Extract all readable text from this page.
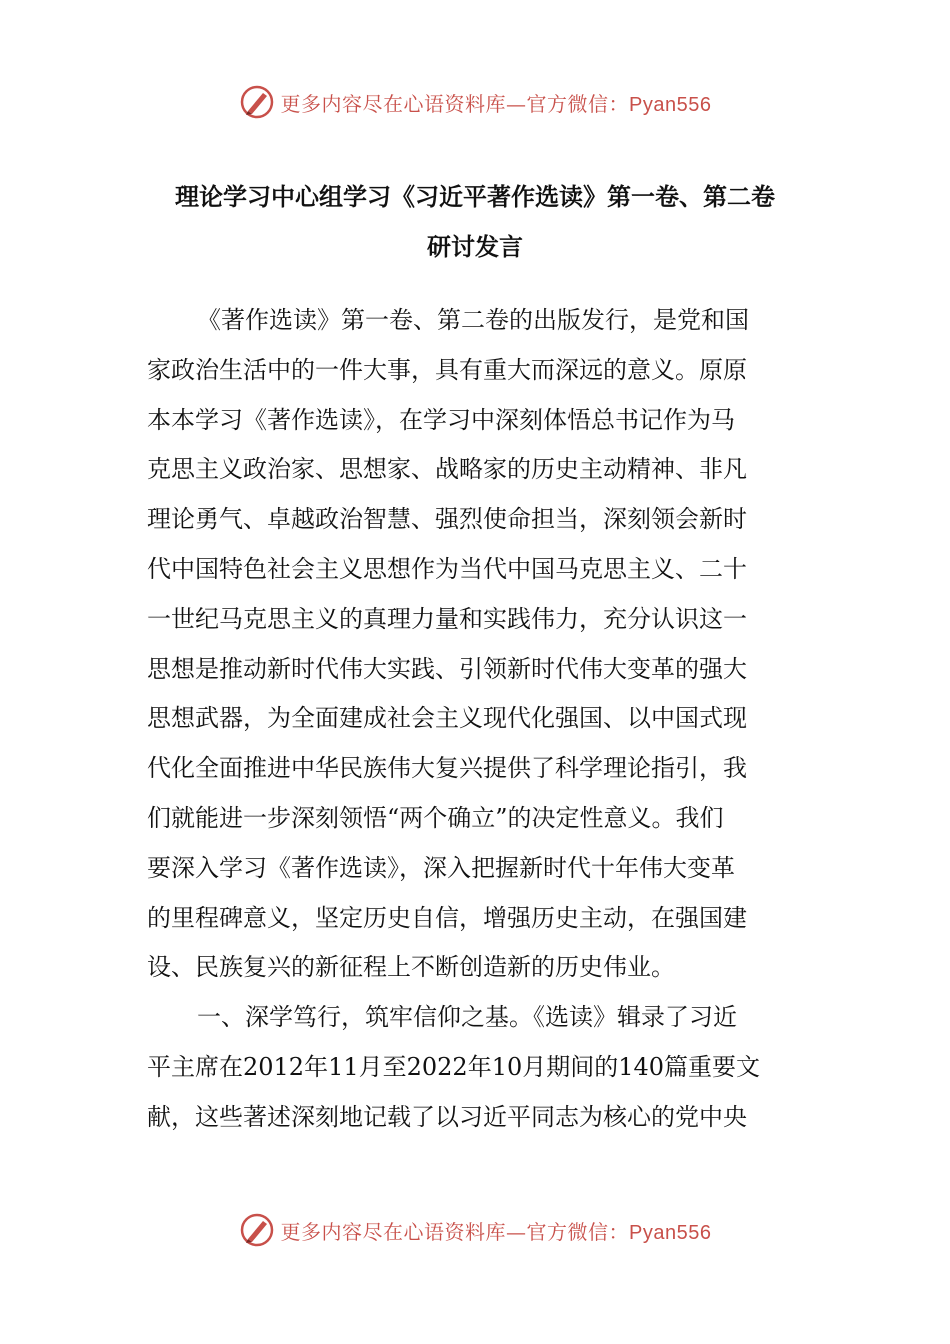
更多内容尽在心语资料库—官方微信：Pyan556
理论学习中心组学习《习近平著作选读》第一卷、第二卷
研讨发言
《著作选读》第一卷、第二卷的出版发行，是党和国
家政治生活中的一件大事，具有重大而深远的意义。原原
本本学习《著作选读》，在学习中深刻体悟总书记作为马
克思主义政治家、思想家、战略家的历史主动精神、非凡
理论勇气、卓越政治智慧、强烈使命担当，深刻领会新时
代中国特色社会主义思想作为当代中国马克思主义、二十
一世纪马克思主义的真理力量和实践伟力，充分认识这一
思想是推动新时代伟大实践、引领新时代伟大变革的强大
思想武器，为全面建成社会主义现代化强国、以中国式现
代化全面推进中华民族伟大复兴提供了科学理论指引，我
们就能进一步深刻领悟“两个确立”的决定性意义。我们
要深入学习《著作选读》，深入把握新时代十年伟大变革
的里程碑意义，坚定历史自信，增强历史主动，在强国建
设、民族复兴的新征程上不断创造新的历史伟业。
一、深学笃行，筑牢信仰之基。《选读》辑录了习近
平主席在2012年11月至2022年10月期间的140篇重要文
献，这些著述深刻地记载了以习近平同志为核心的党中央
更多内容尽在心语资料库—官方微信：Pyan556
